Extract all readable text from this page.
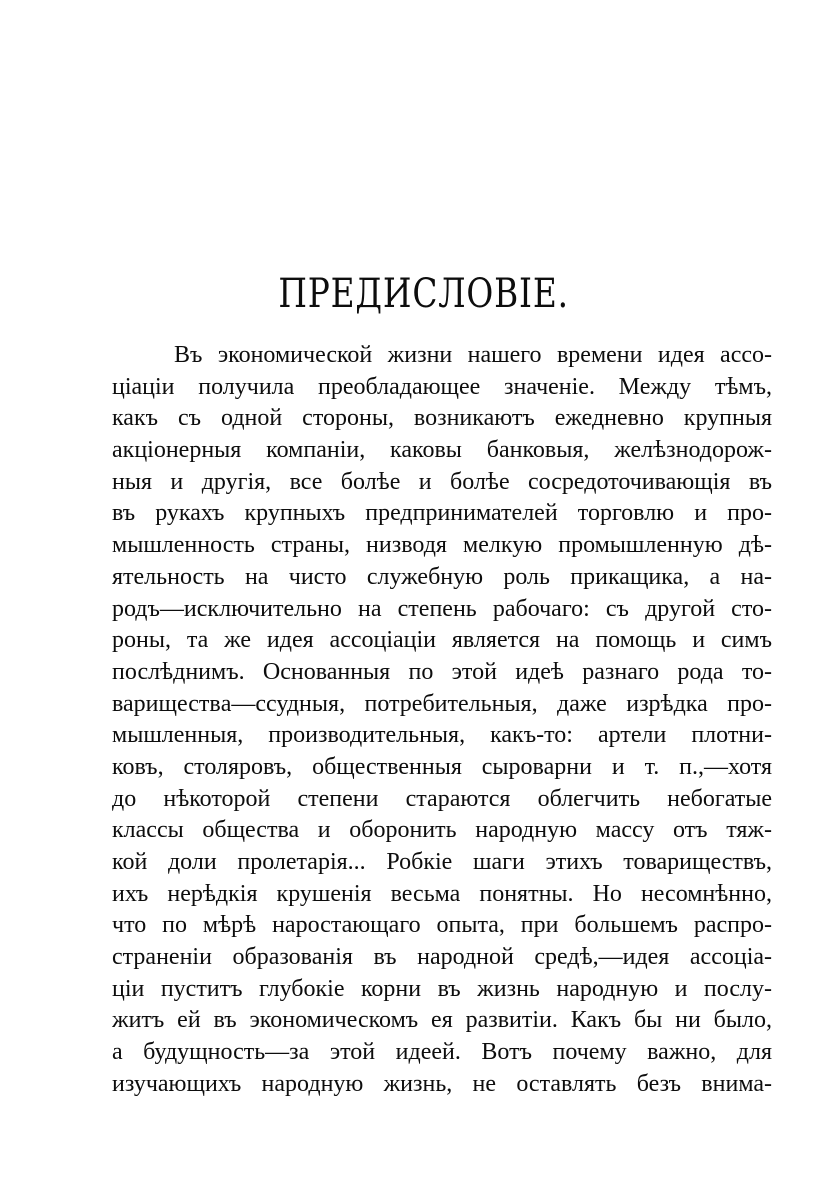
ПРЕДИСЛОВІЕ.
Въ экономической жизни нашего времени идея ассо-
ціаціи получила преобладающее значеніе. Между тѣмъ,
какъ съ одной стороны, возникаютъ ежедневно крупныя
акціонерныя компаніи, каковы банковыя, желѣзнодорож-
ныя и другія, все болѣе и болѣе сосредоточивающія въ
въ рукахъ крупныхъ предпринимателей торговлю и про-
мышленность страны, низводя мелкую промышленную дѣ-
ятельность на чисто служебную роль прикащика, а на-
родъ—исключительно на степень рабочаго: съ другой сто-
роны, та же идея ассоціаціи является на помощь и симъ
послѣднимъ. Основанныя по этой идеѣ разнаго рода то-
вариществa—ссудныя, потребительныя, даже изрѣдка про-
мышленныя, производительныя, какъ-то: артели плотни-
ковъ, столяровъ, общественныя сыроварни и т. п.,—хотя
до нѣкоторой степени стараются облегчить небогатые
классы общества и оборонить народную массу отъ тяж-
кой доли пролетарія... Робкіе шаги этихъ товариществъ,
ихъ нерѣдкія крушенія весьма понятны. Но несомнѣнно,
что по мѣрѣ наростающаго опыта, при большемъ распро-
страненіи образованія въ народной средѣ,—идея ассоціа-
ціи пуститъ глубокіе корни въ жизнь народную и послу-
житъ ей въ экономическомъ ея развитіи. Какъ бы ни было,
а будущность—за этой идеей. Вотъ почему важно, для
изучающихъ народную жизнь, не оставлять безъ внима-
